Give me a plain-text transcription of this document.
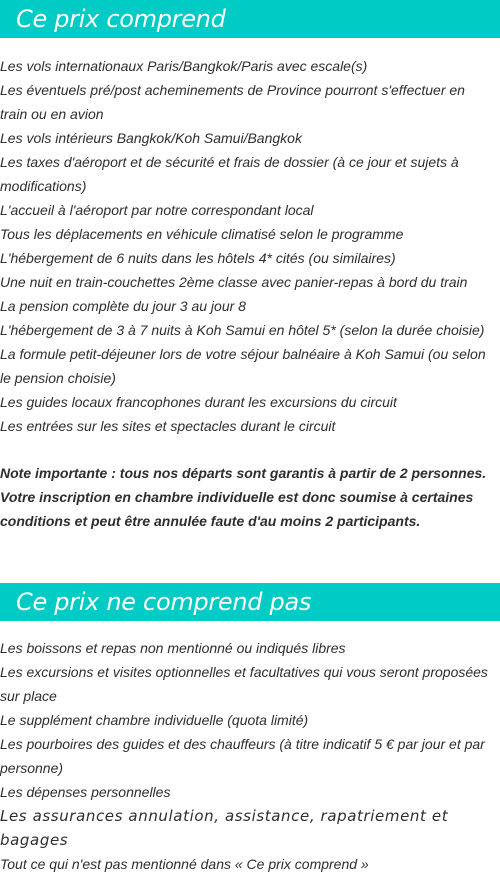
Ce prix comprend
Les vols internationaux Paris/Bangkok/Paris avec escale(s)
Les éventuels pré/post acheminements de Province pourront s'effectuer en train ou en avion
Les vols intérieurs Bangkok/Koh Samui/Bangkok
Les taxes d'aéroport et de sécurité et frais de dossier (à ce jour et sujets à modifications)
L'accueil à l'aéroport par notre correspondant local
Tous les déplacements en véhicule climatisé selon le programme
L'hébergement de 6 nuits dans les hôtels 4* cités (ou similaires)
Une nuit en train-couchettes 2ème classe avec panier-repas à bord du train
La pension complète du jour 3 au jour 8
L'hébergement de 3 à 7 nuits à Koh Samui en hôtel 5* (selon la durée choisie)
La formule petit-déjeuner lors de votre séjour balnéaire à Koh Samui (ou selon le pension choisie)
Les guides locaux francophones durant les excursions du circuit
Les entrées sur les sites et spectacles durant le circuit
Note importante : tous nos départs sont garantis à partir de 2 personnes. Votre inscription en chambre individuelle est donc soumise à certaines conditions et peut être annulée faute d'au moins 2 participants.
Ce prix ne comprend pas
Les boissons et repas non mentionné ou indiqués libres
Les excursions et visites optionnelles et facultatives qui vous seront proposées sur place
Le supplément chambre individuelle (quota limité)
Les pourboires des guides et des chauffeurs (à titre indicatif 5 € par jour et par personne)
Les dépenses personnelles
Les assurances annulation, assistance, rapatriement et bagages
Tout ce qui n'est pas mentionné dans « Ce prix comprend »
